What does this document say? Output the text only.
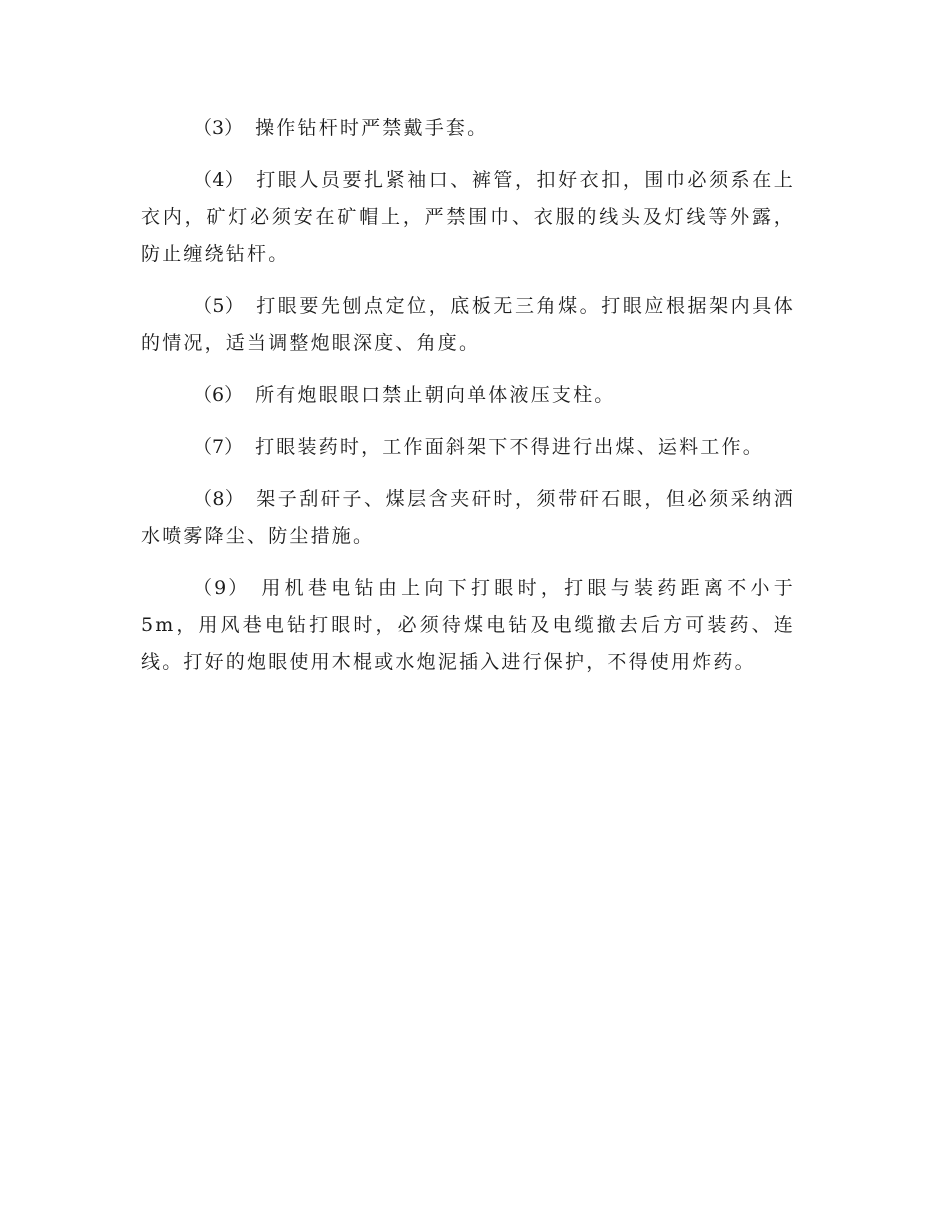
（3） 操作钻杆时严禁戴手套。

（4） 打眼人员要扎紧袖口、裤管，扣好衣扣，围巾必须系在上衣内，矿灯必须安在矿帽上，严禁围巾、衣服的线头及灯线等外露，防止缠绕钻杆。

（5） 打眼要先刨点定位，底板无三角煤。打眼应根据架内具体的情况，适当调整炮眼深度、角度。

（6） 所有炮眼眼口禁止朝向单体液压支柱。

（7） 打眼装药时，工作面斜架下不得进行出煤、运料工作。

（8） 架子刮矸子、煤层含夹矸时，须带矸石眼，但必须采纳洒水喷雾降尘、防尘措施。

（9） 用机巷电钻由上向下打眼时，打眼与装药距离不小于5m，用风巷电钻打眼时，必须待煤电钻及电缆撤去后方可装药、连线。打好的炮眼使用木棍或水炮泥插入进行保护，不得使用炸药。
